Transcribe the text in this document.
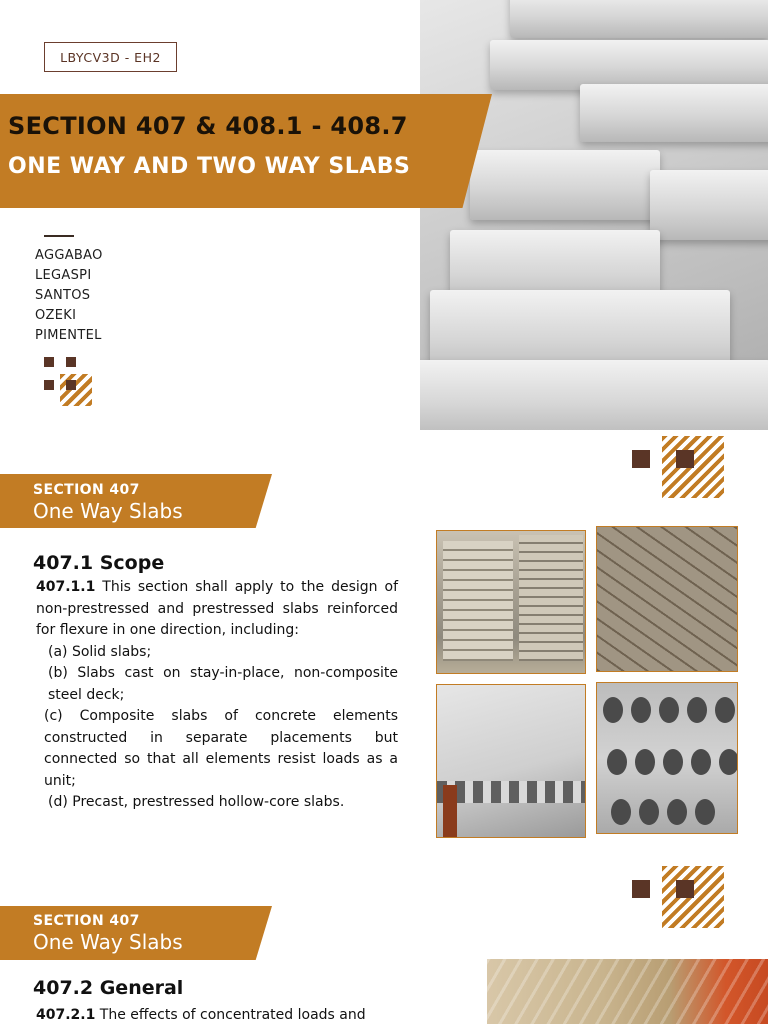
LBYCV3D - EH2
SECTION 407 & 408.1 - 408.7
ONE WAY AND TWO WAY SLABS
AGGABAO
LEGASPI
SANTOS
OZEKI
PIMENTEL
SECTION 407
One Way Slabs
407.1 Scope

407.1.1 This section shall apply to the design of non-prestressed and prestressed slabs reinforced for flexure in one direction, including:

(a) Solid slabs;

(b) Slabs cast on stay-in-place, non-composite steel deck;

(c) Composite slabs of concrete elements constructed in separate placements but connected so that all elements resist loads as a unit;

(d) Precast, prestressed hollow-core slabs.

SECTION 407
One Way Slabs
407.2 General

407.2.1 The effects of concentrated loads and
